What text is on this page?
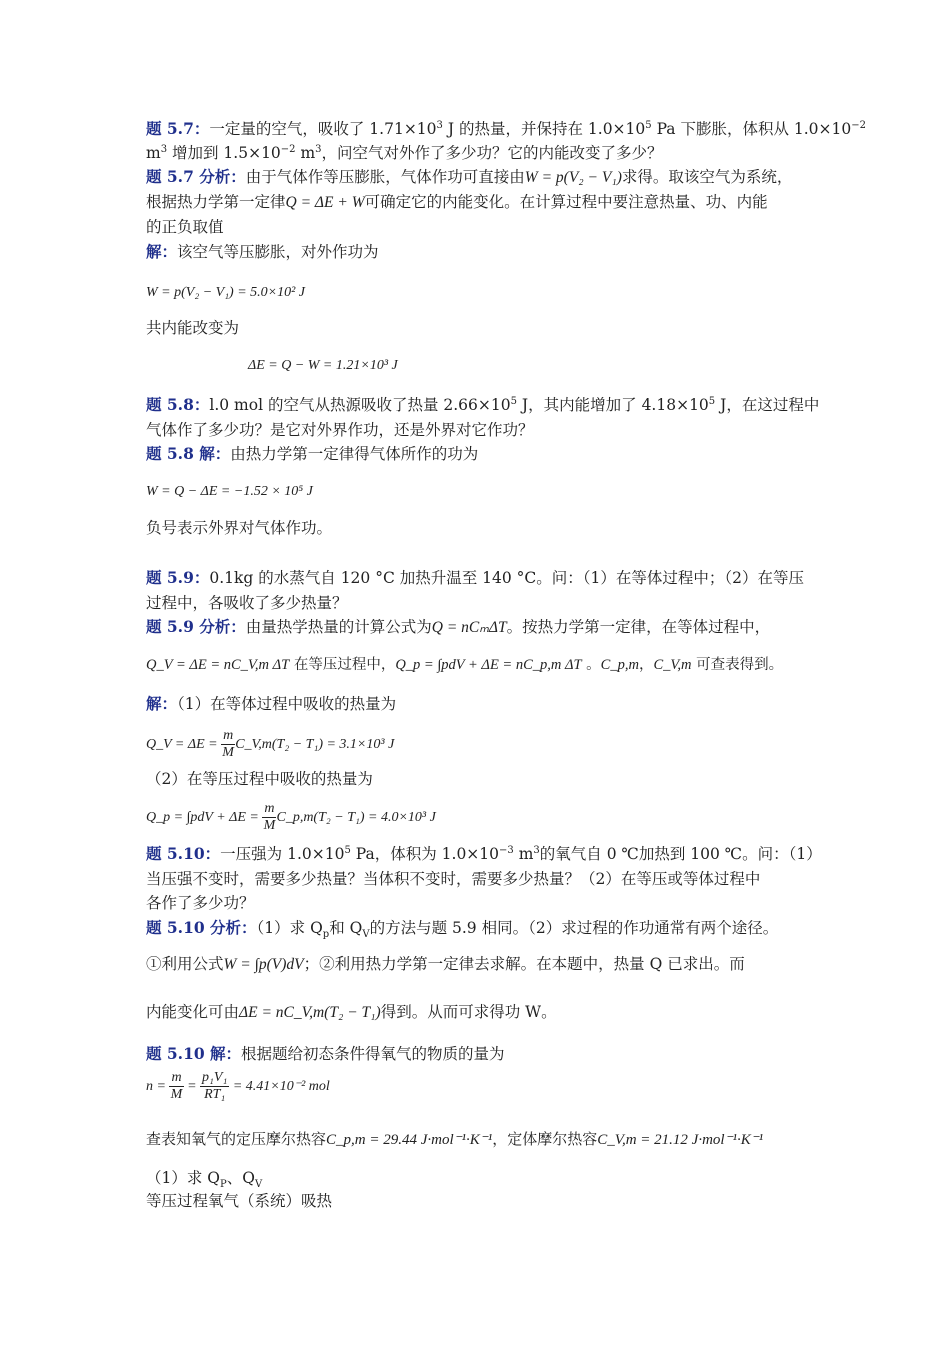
题 5.7：一定量的空气，吸收了 $1.71\times 10^3$ J 的热量，并保持在 $1.0\times 10^5$ Pa 下膨胀，体积从 $1.0\times 10^{-2}$
$m^3$ 增加到 $1.5\times 10^{-2}$ $m^3$，问空气对外作了多少功？它的内能改变了多少？
题 5.7 分析：由于气体作等压膨胀，气体作功可直接由W = p(V₂ − V₁)求得。取该空气为系统，
根据热力学第一定律Q = ΔE + W可确定它的内能变化。在计算过程中要注意热量、功、内能
的正负取值
解：该空气等压膨胀，对外作功为
W = p(V₂ − V₁) = 5.0×10² J
共内能改变为
ΔE = Q − W = 1.21×10³ J
题 5.8：l.0 mol 的空气从热源吸收了热量 $2.66\times 10^5$ J，其内能增加了 $4.18\times 10^5$ J，在这过程中
气体作了多少功？是它对外界作功，还是外界对它作功？
题 5.8 解：由热力学第一定律得气体所作的功为
W = Q − ΔE = −1.52 × 10⁵ J
负号表示外界对气体作功。
题 5.9：0.1kg 的水蒸气自 120 °C 加热升温至 140 °C。问：（1）在等体过程中；（2）在等压
过程中，各吸收了多少热量？
题 5.9 分析：由量热学热量的计算公式为Q = nCₘΔT。按热力学第一定律，在等体过程中，
Q_V = ΔE = nC_V,m ΔT 在等压过程中，Q_p = ∫pdV + ΔE = nC_p,m ΔT 。C_p,m，C_V,m 可查表得到。
解：（1）在等体过程中吸收的热量为
Q_V = $\Delta E = \frac{m}{M}$ C_V,m(T₂ − T₁) = 3.1×10³ J
（2）在等压过程中吸收的热量为
Q_p = $\int pdV + \Delta E = \frac{m}{M}$ C_p,m(T₂ − T₁) = 4.0×10³ J
题 5.10：一压强为 $1.0\times 10^5$ Pa，体积为 $1.0\times 10^{-3}$ $m^3$的氧气自 0 ℃加热到 100 ℃。问：（1）
当压强不变时，需要多少热量？当体积不变时，需要多少热量？（2）在等压或等体过程中
各作了多少功？
题 5.10 分析：（1）求 $Q_p$和 $Q_V$的方法与题 5.9 相同。（2）求过程的作功通常有两个途径。
①利用公式W = ∫p(V)dV；②利用热力学第一定律去求解。在本题中，热量 Q 已求出。而
内能变化可由ΔE = nC_V,m(T₂ − T₁)得到。从而可求得功 W。
题 5.10 解：根据题给初态条件得氧气的物质的量为
$n = \frac{m}{M} = \frac{\text{p₁V₁}}{\text{RT₁}} = 4.41\times 10^{-2}$ mol
查表知氧气的定压摩尔热容C_p,m = 29.44 J·mol⁻¹·K⁻¹，定体摩尔热容C_V,m = 21.12 J·mol⁻¹·K⁻¹
（1）求 $Q_P$、$Q_V$
等压过程氧气（系统）吸热
